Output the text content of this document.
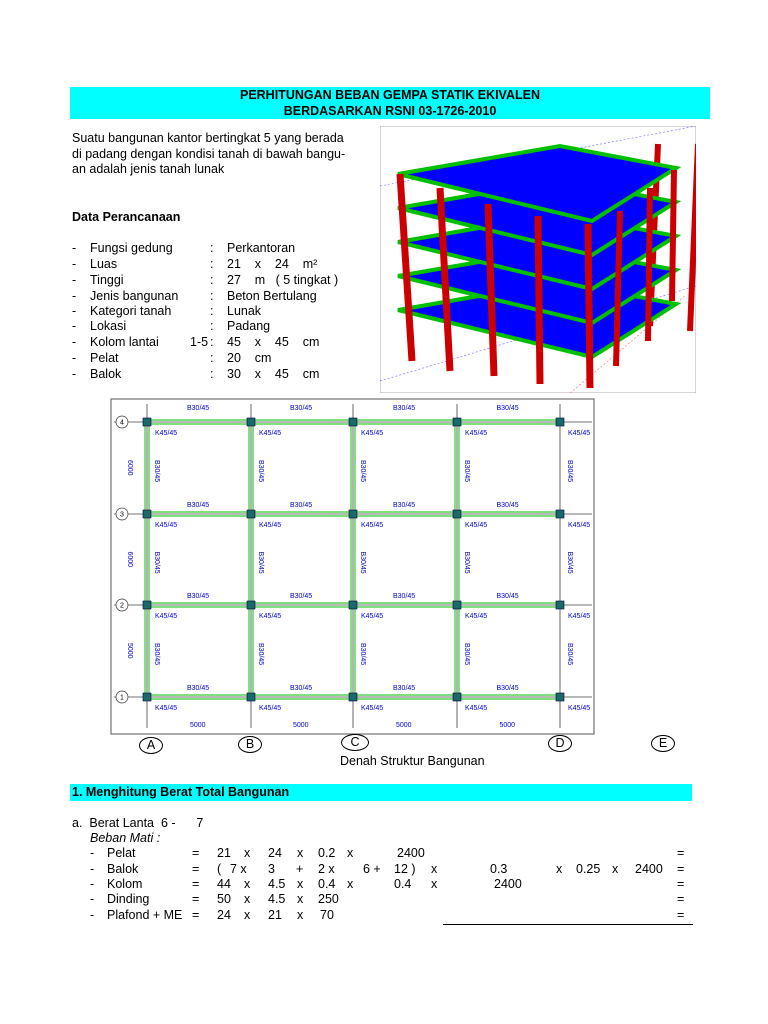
PERHITUNGAN BEBAN GEMPA STATIK EKIVALEN
BERDASARKAN RSNI 03-1726-2010
Suatu bangunan kantor bertingkat 5 yang berada
di padang dengan kondisi tanah di bawah bangu-
an adalah jenis tanah lunak
Data Perancanaan
- Fungsi gedung	: Perkantoran
- Luas	: 21    x    24    m²
- Tinggi	: 27    m   ( 5 tingkat )
- Jenis bangunan	: Beton Bertulang
- Kategori tanah	: Lunak
- Lokasi	: Padang
- Kolom lantai         1-5 : 45    x    45    cm
- Pelat	: 20    cm
- Balok	: 30    x    45    cm
B30/45	B30/45	B30/45	B30/45
B30/45	B30/45	B30/45	B30/45
B30/45	B30/45	B30/45	B30/45
B30/45	B30/45	B30/45	B30/45
K45/45	K45/45	K45/45	K45/45	K45/45
K45/45	K45/45	K45/45	K45/45	K45/45
K45/45	K45/45	K45/45	K45/45	K45/45
K45/45	K45/45	K45/45	K45/45	K45/45
B30/45	B30/45	B30/45	B30/45	B30/45
B30/45	B30/45	B30/45	B30/45	B30/45
B30/45	B30/45	B30/45	B30/45	B30/45
5000	5000	5000	5000
6000
6000
5000
4
3
2
1
A	B	C	D	E
Denah Struktur Bangunan
1. Menghitung Berat Total Bangunan
a.  Berat Lanta  6 -      7
Beban Mati :
- Pelat	= 21 x 24 x 0.2 x	2400	=
- Balok	= ( 7 x 3 + 2 x 6 + 12 ) x	0.3	x 0.25 x 2400 =
- Kolom	= 44 x 4.5 x 0.4 x	0.4 x	2400	=
- Dinding	= 50 x 4.5 x 250	=
- Plafond + ME = 24 x 21 x 70	=
